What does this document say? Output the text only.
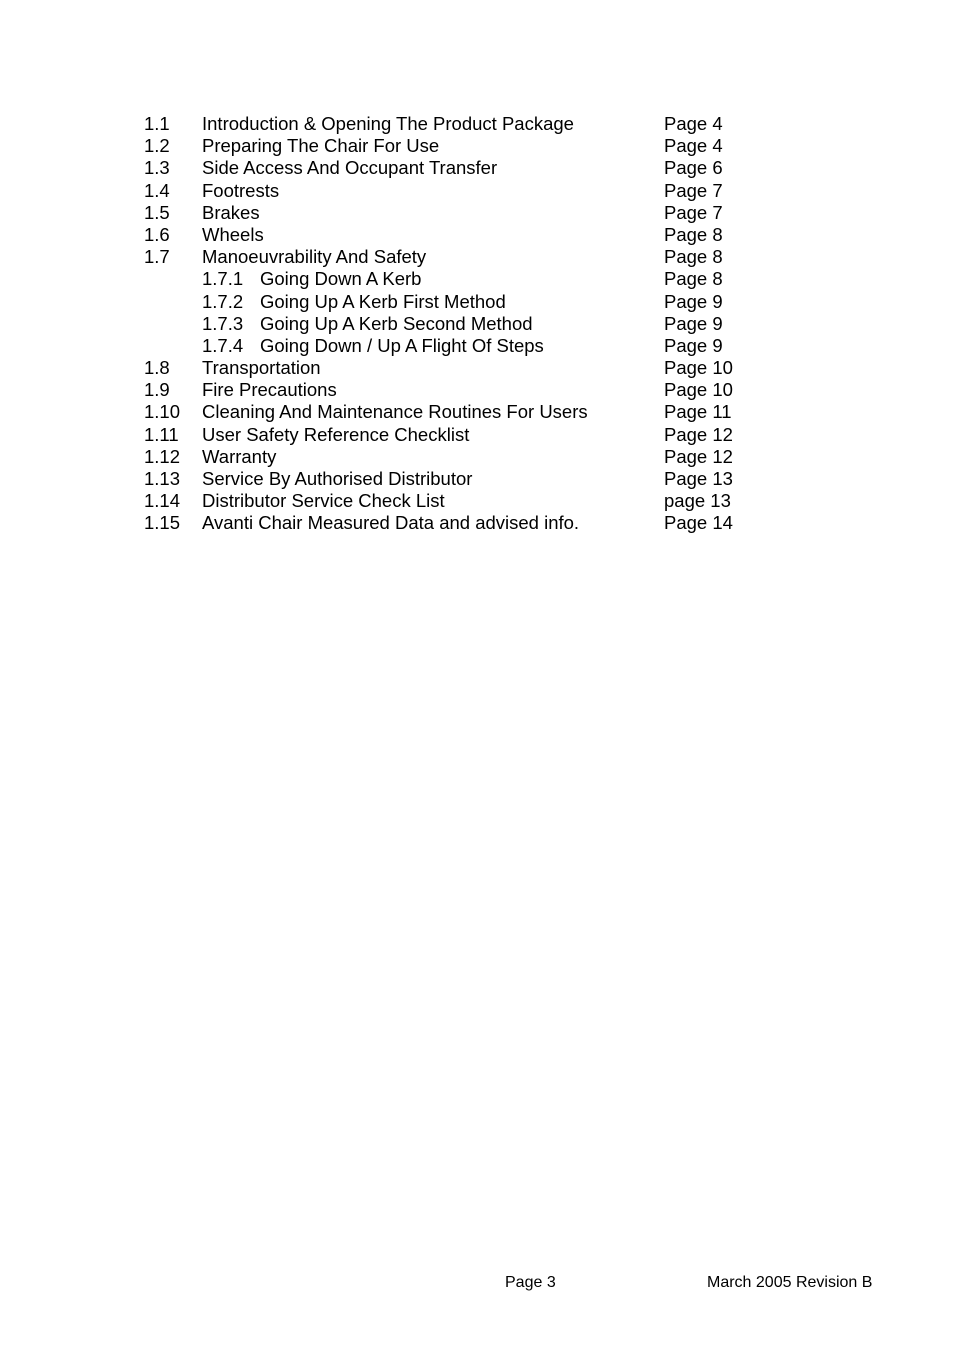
1.1 Introduction & Opening The Product Package	Page 4
1.2 Preparing The Chair For Use	Page 4
1.3 Side Access And Occupant Transfer	Page 6
1.4 Footrests	Page 7
1.5 Brakes	Page 7
1.6 Wheels	Page 8
1.7 Manoeuvrability And Safety	Page 8
1.7.1 Going Down A Kerb	Page 8
1.7.2 Going Up A Kerb First Method	Page 9
1.7.3 Going Up A Kerb Second Method	Page 9
1.7.4 Going Down / Up A Flight Of Steps	Page 9
1.8 Transportation	Page 10
1.9 Fire Precautions	Page 10
1.10 Cleaning And Maintenance Routines For Users	Page 11
1.11 User Safety Reference Checklist	Page 12
1.12 Warranty	Page 12
1.13 Service By Authorised Distributor	Page 13
1.14 Distributor Service Check List	page 13
1.15 Avanti Chair Measured Data and advised info.	Page 14
Page 3	March 2005 Revision B
